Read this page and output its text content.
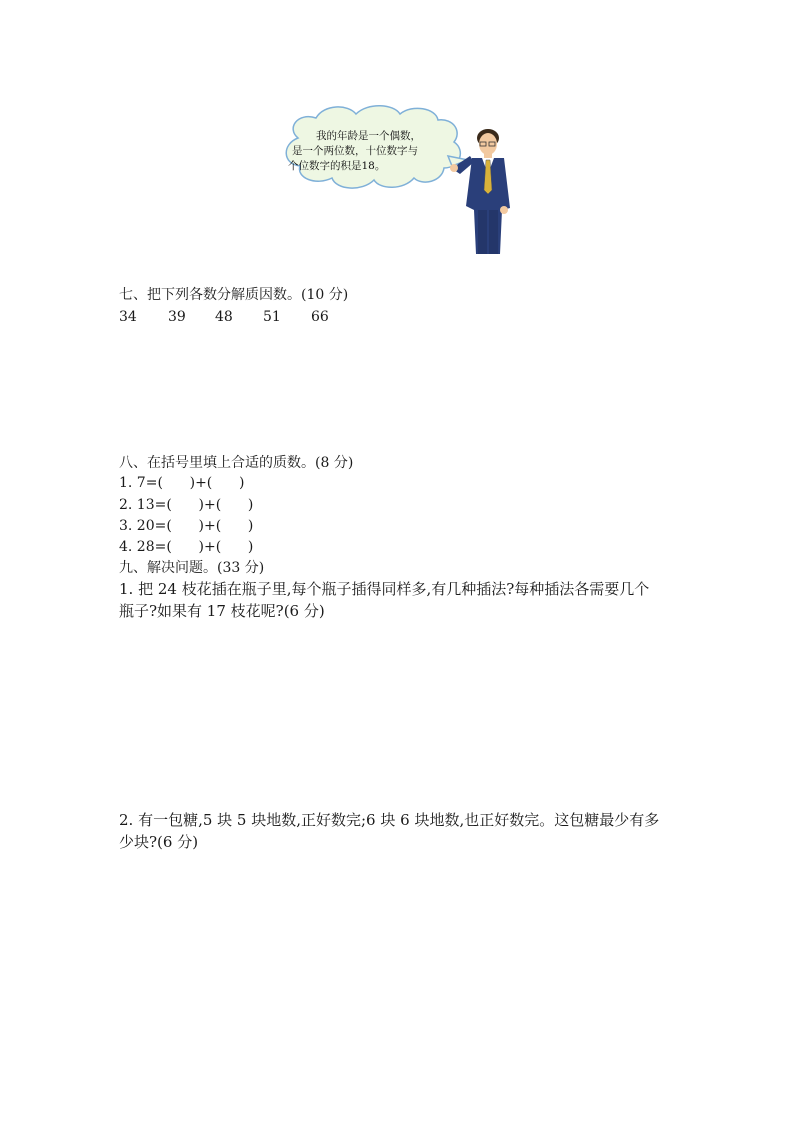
我的年龄是一个偶数，
是一个两位数，十位数字与
个位数字的积是18。
七、把下列各数分解质因数。(10 分)
34 39 48 51 66
八、在括号里填上合适的质数。(8 分)
1. 7=(      )+(      )
2. 13=(      )+(      )
3. 20=(      )+(      )
4. 28=(      )+(      )
九、解决问题。(33 分)
1. 把 24 枝花插在瓶子里,每个瓶子插得同样多,有几种插法?每种插法各需要几个
瓶子?如果有 17 枝花呢?(6 分)
2. 有一包糖,5 块 5 块地数,正好数完;6 块 6 块地数,也正好数完。这包糖最少有多
少块?(6 分)
